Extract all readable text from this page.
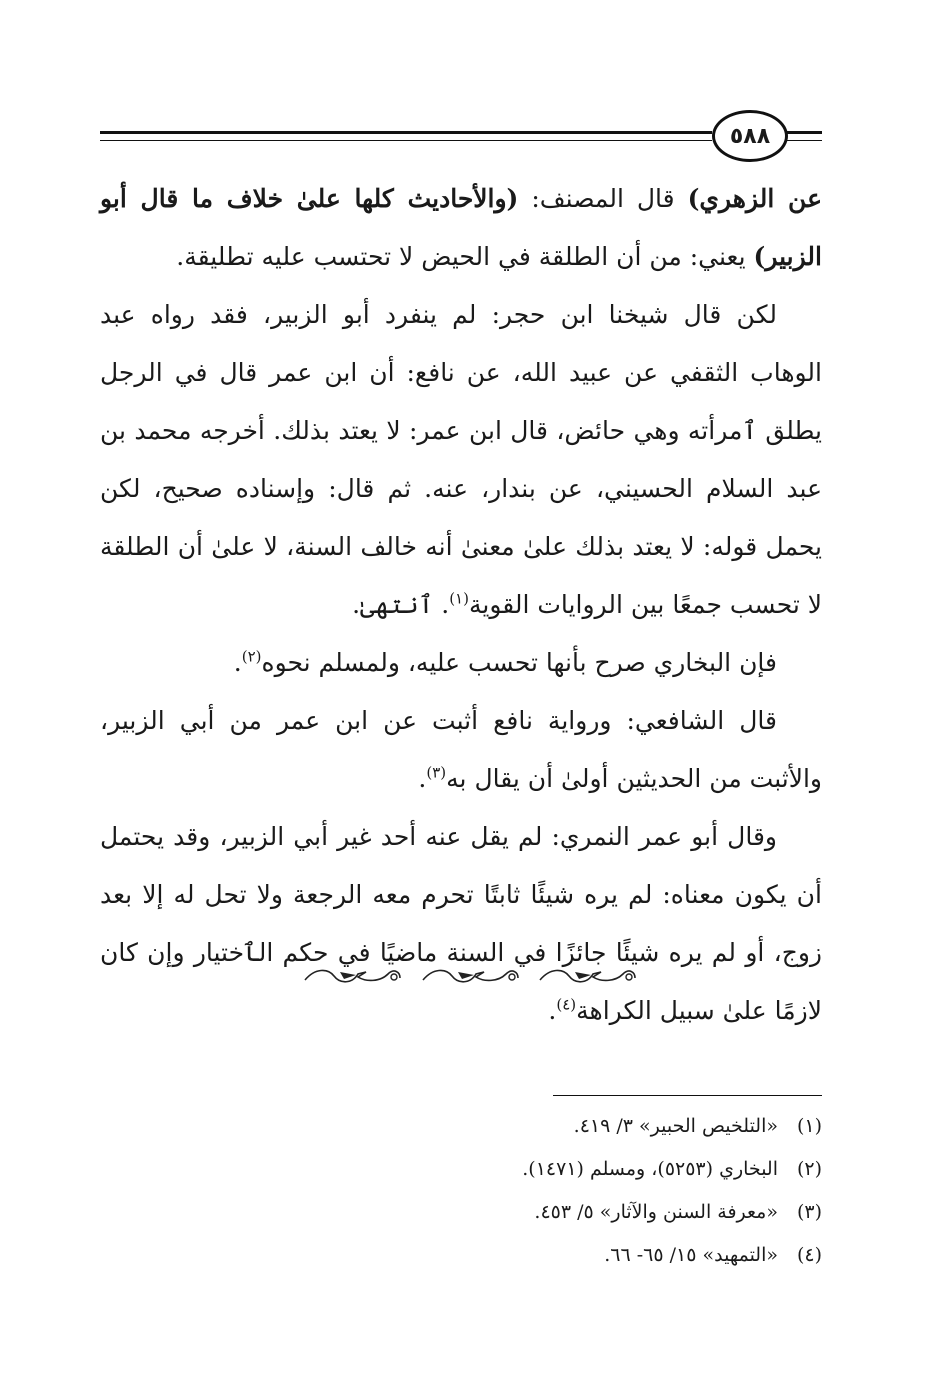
٥٨٨

عن الزهري) قال المصنف: (والأحاديث كلها علىٰ خلاف ما قال أبو الزبير) يعني: من أن الطلقة في الحيض لا تحتسب عليه تطليقة.

لكن قال شيخنا ابن حجر: لم ينفرد أبو الزبير، فقد رواه عبد الوهاب الثقفي عن عبيد الله، عن نافع: أن ابن عمر قال في الرجل يطلق ٱمرأته وهي حائض، قال ابن عمر: لا يعتد بذلك. أخرجه محمد بن عبد السلام الحسيني، عن بندار، عنه. ثم قال: وإسناده صحيح، لكن يحمل قوله: لا يعتد بذلك علىٰ معنىٰ أنه خالف السنة، لا علىٰ أن الطلقة لا تحسب جمعًا بين الروايات القوية$^{(١)}$. ٱنتهىٰ.

فإن البخاري صرح بأنها تحسب عليه، ولمسلم نحوه$^{(٢)}$.

قال الشافعي: ورواية نافع أثبت عن ابن عمر من أبي الزبير، والأثبت من الحديثين أولىٰ أن يقال به$^{(٣)}$.

وقال أبو عمر النمري: لم يقل عنه أحد غير أبي الزبير، وقد يحتمل أن يكون معناه: لم يره شيئًا ثابتًا تحرم معه الرجعة ولا تحل له إلا بعد زوج، أو لم يره شيئًا جائزًا في السنة ماضيًا في حكم الٱختيار وإن كان لازمًا علىٰ سبيل الكراهة$^{(٤)}$.

(١)
«التلخيص الحبير» ٣/ ٤١٩.
(٢)
البخاري (٥٢٥٣)، ومسلم (١٤٧١).
(٣)
«معرفة السنن والآثار» ٥/ ٤٥٣.
(٤)
«التمهيد» ١٥/ ٦٥- ٦٦.
